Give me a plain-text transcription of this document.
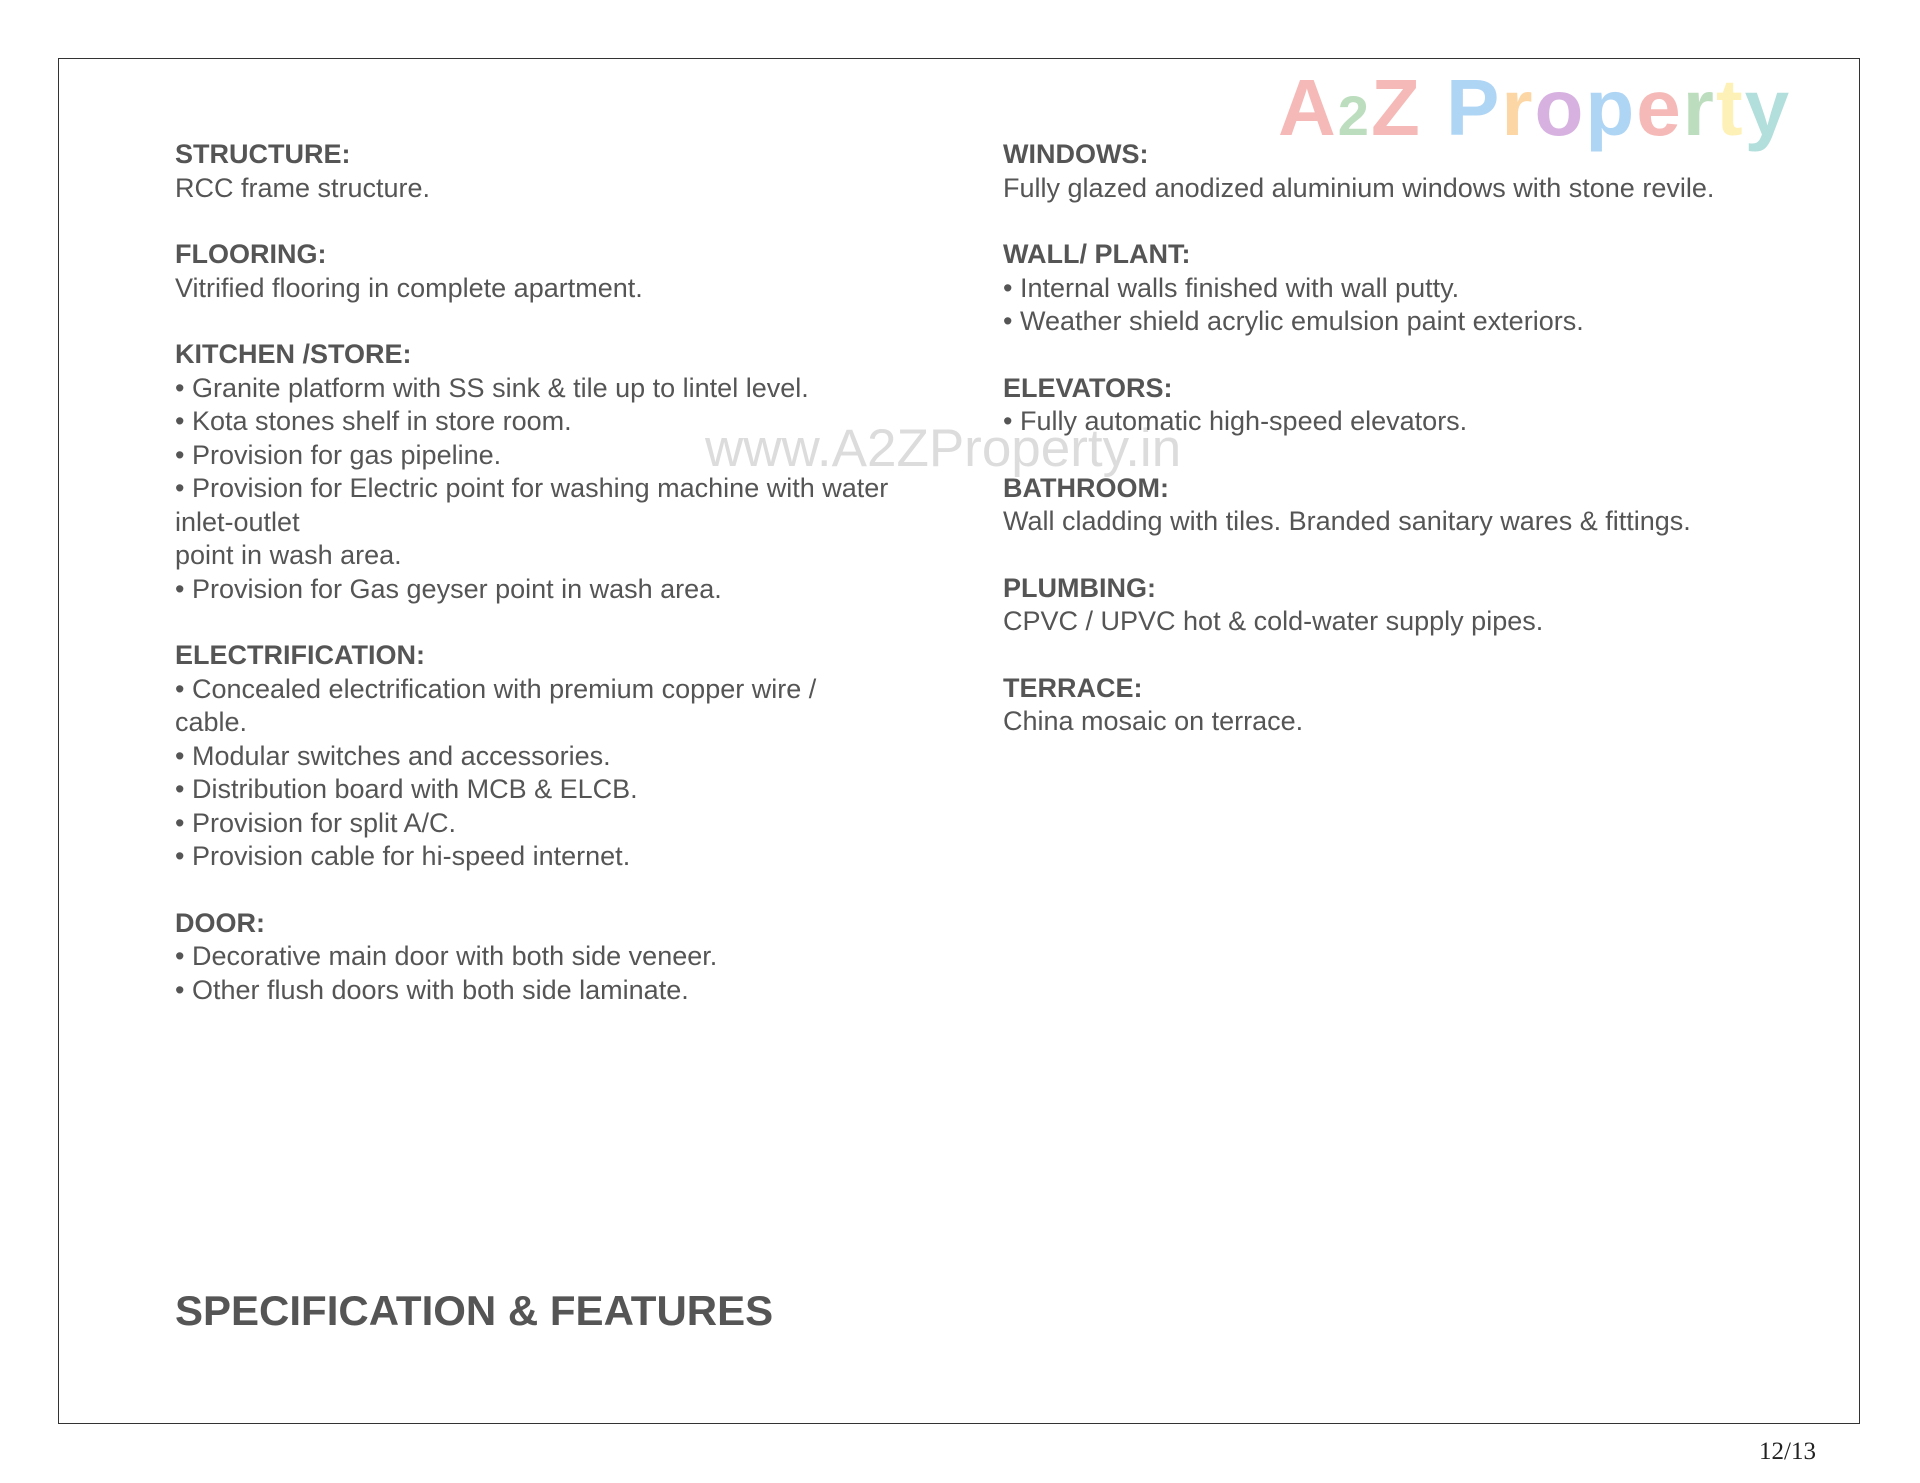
A2Z Property
www.A2ZProperty.in
STRUCTURE:
RCC frame structure.
FLOORING:
Vitrified flooring in complete apartment.
KITCHEN /STORE:
• Granite platform with SS sink & tile up to lintel level.
• Kota stones shelf in store room.
• Provision for gas pipeline.
• Provision for Electric point for washing machine with water inlet-outlet
point in wash area.
• Provision for Gas geyser point in wash area.
ELECTRIFICATION:
• Concealed electrification with premium copper wire / cable.
• Modular switches and accessories.
• Distribution board with MCB & ELCB.
• Provision for split A/C.
• Provision cable for hi-speed internet.
DOOR:
• Decorative main door with both side veneer.
• Other flush doors with both side laminate.
WINDOWS:
Fully glazed anodized aluminium windows with stone revile.
WALL/ PLANT:
• Internal walls finished with wall putty.
• Weather shield acrylic emulsion paint exteriors.
ELEVATORS:
• Fully automatic high-speed elevators.
BATHROOM:
Wall cladding with tiles. Branded sanitary wares & fittings.
PLUMBING:
CPVC / UPVC hot & cold-water supply pipes.
TERRACE:
China mosaic on terrace.
SPECIFICATION & FEATURES
12/13
